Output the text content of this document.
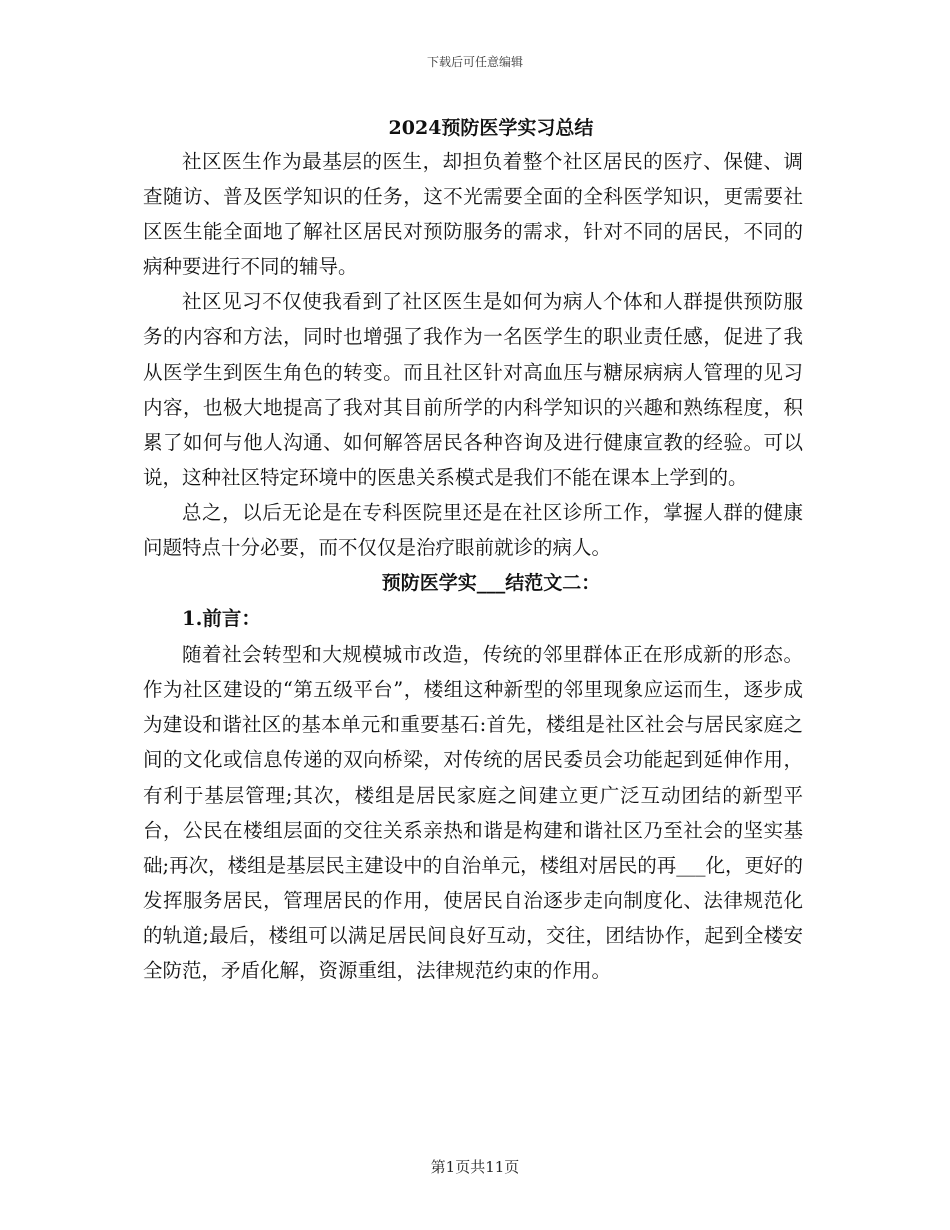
下载后可任意编辑
2024预防医学实习总结

社区医生作为最基层的医生，却担负着整个社区居民的医疗、保健、调查随访、普及医学知识的任务，这不光需要全面的全科医学知识，更需要社区医生能全面地了解社区居民对预防服务的需求，针对不同的居民，不同的病种要进行不同的辅导。

社区见习不仅使我看到了社区医生是如何为病人个体和人群提供预防服务的内容和方法，同时也增强了我作为一名医学生的职业责任感，促进了我从医学生到医生角色的转变。而且社区针对高血压与糖尿病病人管理的见习内容，也极大地提高了我对其目前所学的内科学知识的兴趣和熟练程度，积累了如何与他人沟通、如何解答居民各种咨询及进行健康宣教的经验。可以说，这种社区特定环境中的医患关系模式是我们不能在课本上学到的。

总之，以后无论是在专科医院里还是在社区诊所工作，掌握人群的健康问题特点十分必要，而不仅仅是治疗眼前就诊的病人。

预防医学实___结范文二：
1.前言：

随着社会转型和大规模城市改造，传统的邻里群体正在形成新的形态。作为社区建设的“第五级平台”，楼组这种新型的邻里现象应运而生，逐步成为建设和谐社区的基本单元和重要基石:首先，楼组是社区社会与居民家庭之间的文化或信息传递的双向桥梁，对传统的居民委员会功能起到延伸作用，有利于基层管理;其次，楼组是居民家庭之间建立更广泛互动团结的新型平台，公民在楼组层面的交往关系亲热和谐是构建和谐社区乃至社会的坚实基础;再次，楼组是基层民主建设中的自治单元，楼组对居民的再___化，更好的发挥服务居民，管理居民的作用，使居民自治逐步走向制度化、法律规范化的轨道;最后，楼组可以满足居民间良好互动，交往，团结协作，起到全楼安全防范，矛盾化解，资源重组，法律规范约束的作用。

第1页共11页
